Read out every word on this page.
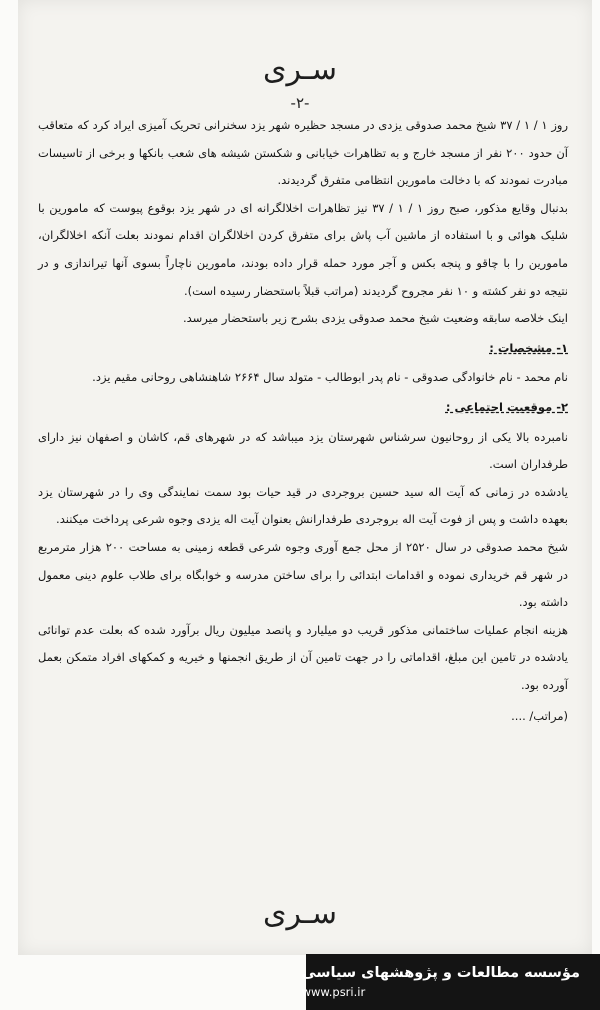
سـری
-۲-

روز ۱ / ۱ / ۳۷ شیخ محمد صدوقی یزدی در مسجد حظیره شهر یزد سخنرانی تحریک آمیزی ایراد کرد که متعاقب آن حدود ۲۰۰ نفر از مسجد خارج و به تظاهرات خیابانی و شکستن شیشه های شعب بانکها و برخی از تاسیسات مبادرت نمودند که با دخالت مامورین انتظامی متفرق گردیدند.

بدنبال وقایع مذکور، صبح روز ۱ / ۱ / ۳۷ نیز تظاهرات اخلالگرانه ای در شهر یزد بوقوع پیوست که مامورین با شلیک هوائی و با استفاده از ماشین آب پاش برای متفرق کردن اخلالگران اقدام نمودند بعلت آنکه اخلالگران، مامورین را با چاقو و پنجه بکس و آجر مورد حمله قرار داده بودند، مامورین ناچاراً بسوی آنها تیراندازی و در نتیجه دو نفر کشته و ۱۰ نفر مجروح گردیدند (مراتب قبلاً باستحضار رسیده است).

اینک خلاصه سابقه وضعیت شیخ محمد صدوقی یزدی بشرح زیر باستحضار میرسد.

۱- مشخصات :

نام محمد - نام خانوادگی صدوقی - نام پدر ابوطالب - متولد سال ۲۶۶۴ شاهنشاهی روحانی مقیم یزد.

۲- موقعیت اجتماعی :

نامبرده بالا یکی از روحانیون سرشناس شهرستان یزد میباشد که در شهرهای قم، کاشان و اصفهان نیز دارای طرفداران است.

یادشده در زمانی که آیت اله سید حسین بروجردی در قید حیات بود سمت نمایندگی وی را در شهرستان یزد بعهده داشت و پس از فوت آیت اله بروجردی طرفدارانش بعنوان آیت اله یزدی وجوه شرعی پرداخت میکنند.

شیخ محمد صدوقی در سال ۲۵۲۰ از محل جمع آوری وجوه شرعی قطعه زمینی به مساحت ۲۰۰ هزار مترمربع در شهر قم خریداری نموده و اقدامات ابتدائی را برای ساختن مدرسه و خوابگاه برای طلاب علوم دینی معمول داشته بود.

هزینه انجام عملیات ساختمانی مذکور قریب دو میلیارد و پانصد میلیون ریال برآورد شده که بعلت عدم توانائی یادشده در تامین این مبلغ، اقداماتی را در جهت تامین آن از طریق انجمنها و خیریه و کمکهای افراد متمکن بعمل آورده بود.

(مراتب/ ....

سـری
مؤسسه مطالعات و پژوهشهای سیاسی
www.psri.ir
